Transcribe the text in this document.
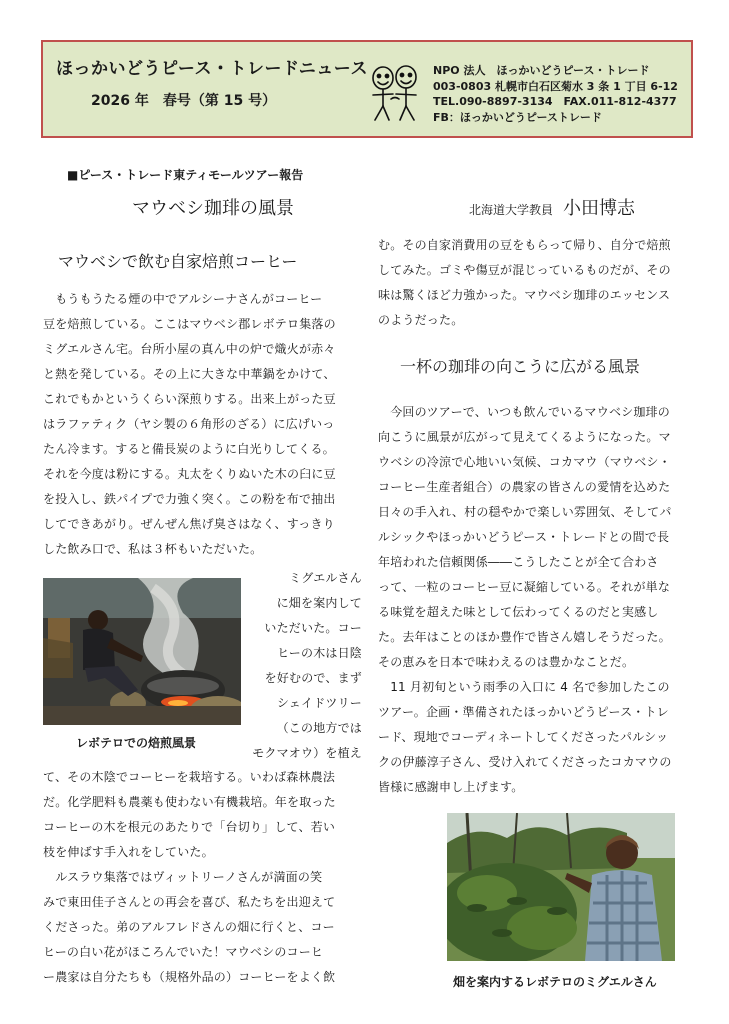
ほっかいどうピース・トレードニュース
2026 年　春号（第 15 号）
NPO 法人　ほっかいどうピース・トレード
003-0803 札幌市白石区菊水 3 条 1 丁目 6-12
TEL.090-8897-3134　FAX.011-812-4377
FB：ほっかいどうピーストレード
■ピース・トレード東ティモールツアー報告
マウベシ珈琲の風景	北海道大学教員 小田博志
マウベシで飲む自家焙煎コーヒー
一杯の珈琲の向こうに広がる風景
　もうもうたる煙の中でアルシーナさんがコーヒー
豆を焙煎している。ここはマウベシ郡レボテロ集落の
ミグエルさん宅。台所小屋の真ん中の炉で熾火が赤々
と熱を発している。その上に大きな中華鍋をかけて、
これでもかというくらい深煎りする。出来上がった豆
はラファティク（ヤシ製の６角形のざる）に広げいっ
たん冷ます。すると備長炭のように白光りしてくる。
それを今度は粉にする。丸太をくりぬいた木の臼に豆
を投入し、鉄パイプで力強く突く。この粉を布で抽出
してできあがり。ぜんぜん焦げ臭さはなく、すっきり
した飲み口で、私は３杯もいただいた。
レボテロでの焙煎風景
ミグエルさん
に畑を案内して
いただいた。コー
ヒーの木は日陰
を好むので、まず
シェイドツリー
（この地方では
モクマオウ）を植え
て、その木陰でコーヒーを栽培する。いわば森林農法
だ。化学肥料も農薬も使わない有機栽培。年を取った
コーヒーの木を根元のあたりで「台切り」して、若い
枝を伸ばす手入れをしていた。
　ルスラウ集落ではヴィットリーノさんが満面の笑
みで東田佳子さんとの再会を喜び、私たちを出迎えて
くださった。弟のアルフレドさんの畑に行くと、コー
ヒーの白い花がほころんでいた！マウベシのコーヒ
ー農家は自分たちも（規格外品の）コーヒーをよく飲
む。その自家消費用の豆をもらって帰り、自分で焙煎
してみた。ゴミや傷豆が混じっているものだが、その
味は驚くほど力強かった。マウベシ珈琲のエッセンス
のようだった。
　今回のツアーで、いつも飲んでいるマウベシ珈琲の
向こうに風景が広がって見えてくるようになった。マ
ウベシの冷涼で心地いい気候、コカマウ（マウベシ・
コーヒー生産者組合）の農家の皆さんの愛情を込めた
日々の手入れ、村の穏やかで楽しい雰囲気、そしてパ
ルシックやほっかいどうピース・トレードとの間で長
年培われた信頼関係――こうしたことが全て合わさ
って、一粒のコーヒー豆に凝縮している。それが単な
る味覚を超えた味として伝わってくるのだと実感し
た。去年はことのほか豊作で皆さん嬉しそうだった。
その恵みを日本で味わえるのは豊かなことだ。
　11 月初旬という雨季の入口に 4 名で参加したこの
ツアー。企画・準備されたほっかいどうピース・トレ
ード、現地でコーディネートしてくださったパルシッ
クの伊藤淳子さん、受け入れてくださったコカマウの
皆様に感謝申し上げます。
畑を案内するレボテロのミグエルさん
